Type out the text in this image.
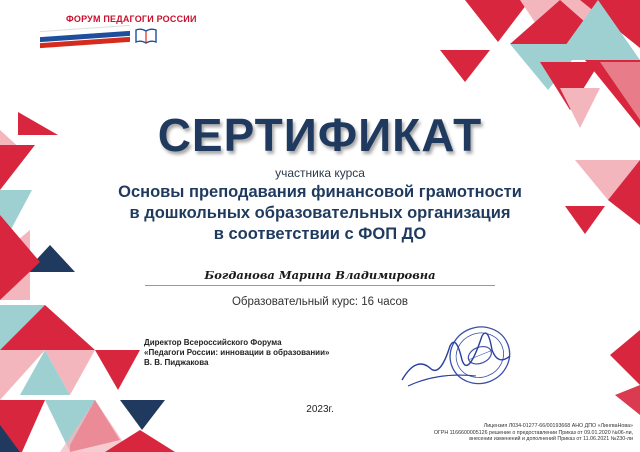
ФОРУМ ПЕДАГОГИ РОССИИ
СЕРТИФИКАТ
участника курса
Основы преподавания финансовой грамотности
в дошкольных образовательных организация
в соответствии с ФОП ДО
Богданова Марина Владимировна
Образовательный курс: 16 часов
Директор Всероссийского Форума
«Педагоги России: инновации в образовании»
В. В. Пиджакова
2023г.
Лицензия Л034-01277-66/00193668 АНО ДПО «ЛингваНова»
ОГРН 1166600005126 решение о предоставлении Приказ от 09.01.2020 №06-ли,
внесении изменений и дополнений Приказ от 11.06.2021 №230-ли
